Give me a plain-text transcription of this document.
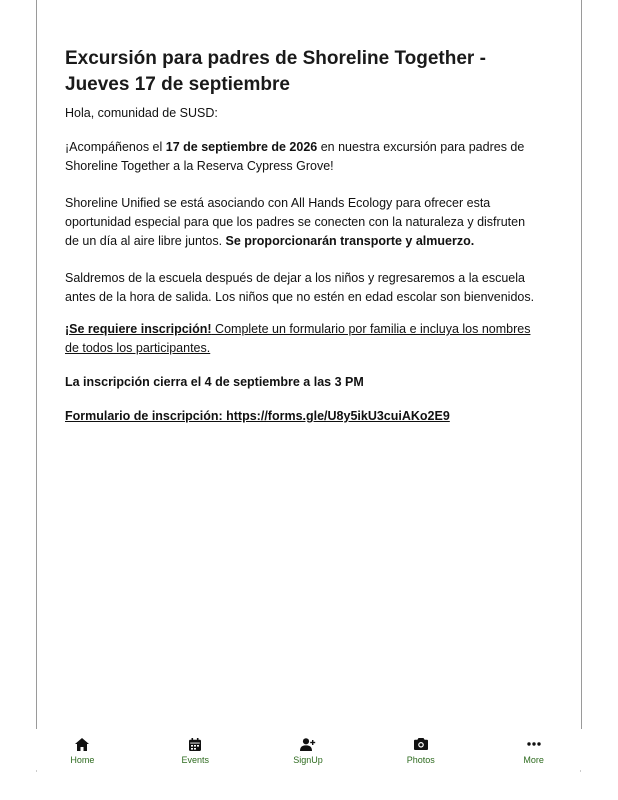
Excursión para padres de Shoreline Together - Jueves 17 de septiembre

Hola, comunidad de SUSD:

¡Acompáñenos el 17 de septiembre de 2026 en nuestra excursión para padres de Shoreline Together a la Reserva Cypress Grove!

Shoreline Unified se está asociando con All Hands Ecology para ofrecer esta oportunidad especial para que los padres se conecten con la naturaleza y disfruten de un día al aire libre juntos. Se proporcionarán transporte y almuerzo.

Saldremos de la escuela después de dejar a los niños y regresaremos a la escuela antes de la hora de salida. Los niños que no estén en edad escolar son bienvenidos.

¡Se requiere inscripción! Complete un formulario por familia e incluya los nombres de todos los participantes.

La inscripción cierra el 4 de septiembre a las 3 PM

Formulario de inscripción: https://forms.gle/U8y5ikU3cuiAKo2E9

Home	Events	SignUp	Photos	More
